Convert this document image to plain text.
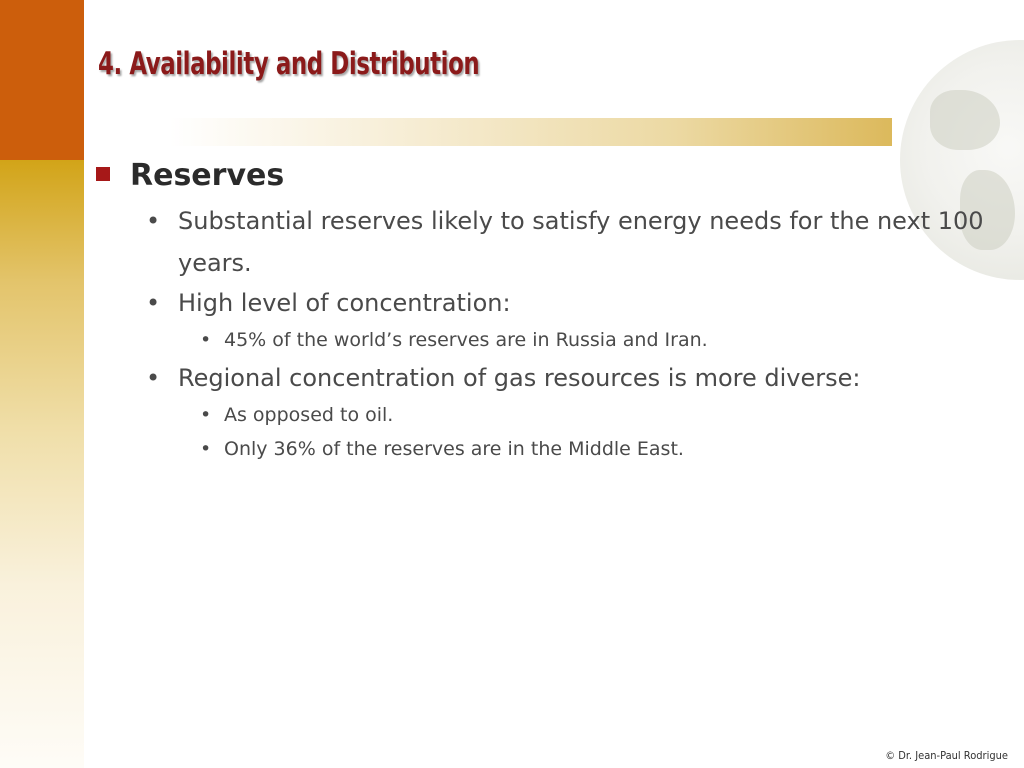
4. Availability and Distribution
Reserves
• Substantial reserves likely to satisfy energy needs for the next 100 years.
• High level of concentration:
• 45% of the world’s reserves are in Russia and Iran.
• Regional concentration of gas resources is more diverse:
• As opposed to oil.
• Only 36% of the reserves are in the Middle East.
© Dr. Jean-Paul Rodrigue
